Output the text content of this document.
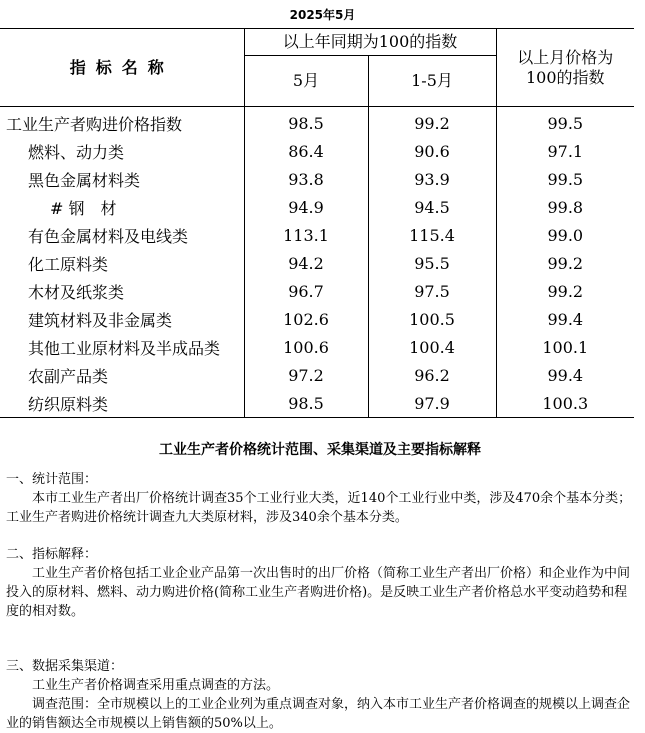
2025年5月
指标名称	以上年同期为100的指数		以上月价格为100的指数

	5月	1-5月	
工业生产者购进价格指数	98.5	99.2	99.5
燃料、动力类	86.4	90.6	97.1
黑色金属材料类	93.8	93.9	99.5
# 钢　材	94.9	94.5	99.8
有色金属材料及电线类	113.1	115.4	99.0
化工原料类	94.2	95.5	99.2
木材及纸浆类	96.7	97.5	99.2
建筑材料及非金属类	102.6	100.5	99.4
其他工业原材料及半成品类	100.6	100.4	100.1
农副产品类	97.2	96.2	99.4
纺织原料类	98.5	97.9	100.3
工业生产者价格统计范围、采集渠道及主要指标解释
一、统计范围：

本市工业生产者出厂价格统计调查35个工业行业大类，近140个工业行业中类，涉及470余个基本分类；工业生产者购进价格统计调查九大类原材料，涉及340余个基本分类。

二、指标解释：

工业生产者价格包括工业企业产品第一次出售时的出厂价格（简称工业生产者出厂价格）和企业作为中间投入的原材料、燃料、动力购进价格(简称工业生产者购进价格)。是反映工业生产者价格总水平变动趋势和程度的相对数。

三、数据采集渠道：

工业生产者价格调查采用重点调查的方法。

调查范围：全市规模以上的工业企业列为重点调查对象，纳入本市工业生产者价格调查的规模以上调查企业的销售额达全市规模以上销售额的50%以上。
